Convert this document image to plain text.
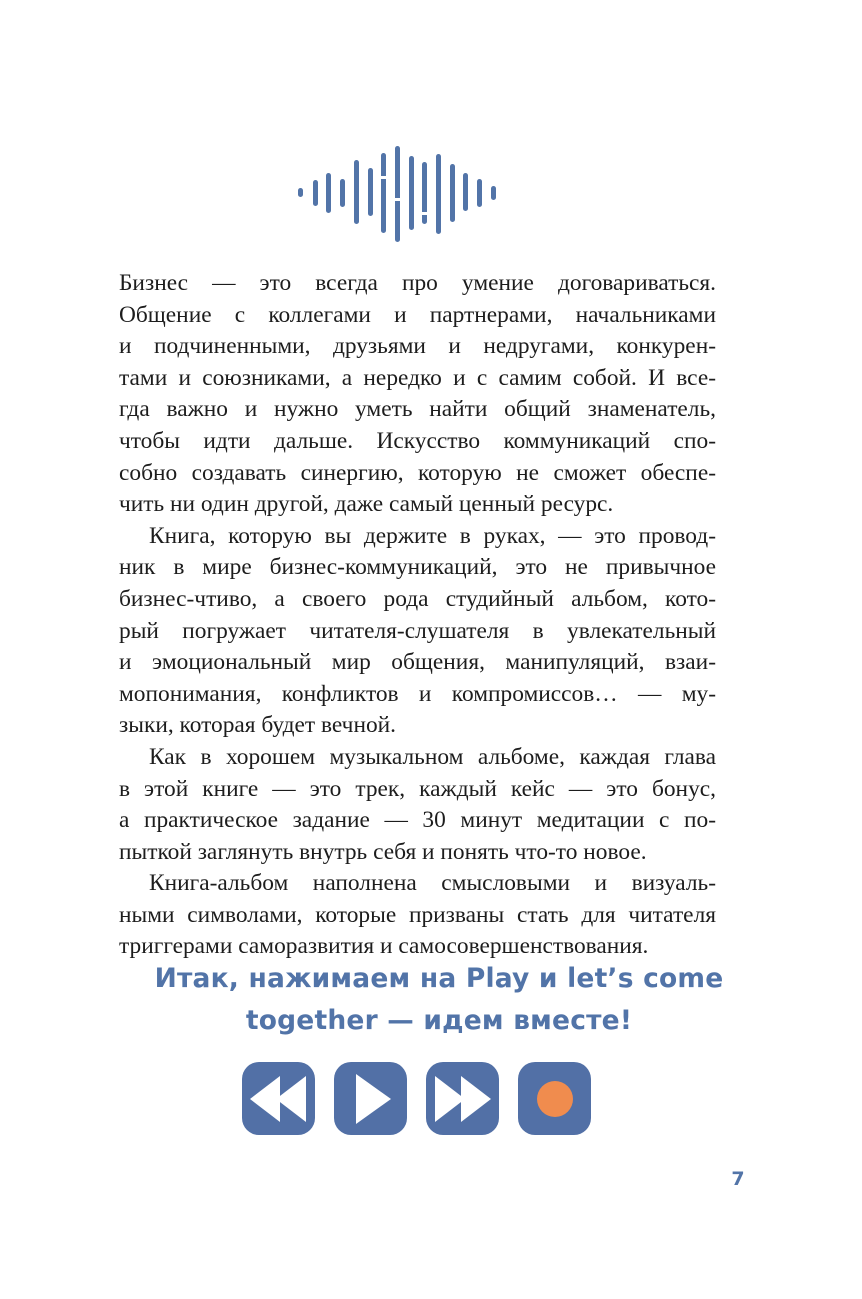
Бизнес — это всегда про умение договариваться.
Общение с коллегами и партнерами, начальниками
и подчиненными, друзьями и недругами, конкурен-
тами и союзниками, а нередко и с самим собой. И все-
гда важно и нужно уметь найти общий знаменатель,
чтобы идти дальше. Искусство коммуникаций спо-
собно создавать синергию, которую не сможет обеспе-
чить ни один другой, даже самый ценный ресурс.

Книга, которую вы держите в руках, — это провод-
ник в мире бизнес-коммуникаций, это не привычное
бизнес-чтиво, а своего рода студийный альбом, кото-
рый погружает читателя-слушателя в увлекательный
и эмоциональный мир общения, манипуляций, взаи-
мопонимания, конфликтов и компромиссов… — му-
зыки, которая будет вечной.

Как в хорошем музыкальном альбоме, каждая глава
в этой книге — это трек, каждый кейс — это бонус,
а практическое задание — 30 минут медитации с по-
пыткой заглянуть внутрь себя и понять что-то новое.

Книга-альбом наполнена смысловыми и визуаль-
ными символами, которые призваны стать для читателя
триггерами саморазвития и самосовершенствования.

Итак, нажимаем на Play и let’s come
together — идем вместе!
7
